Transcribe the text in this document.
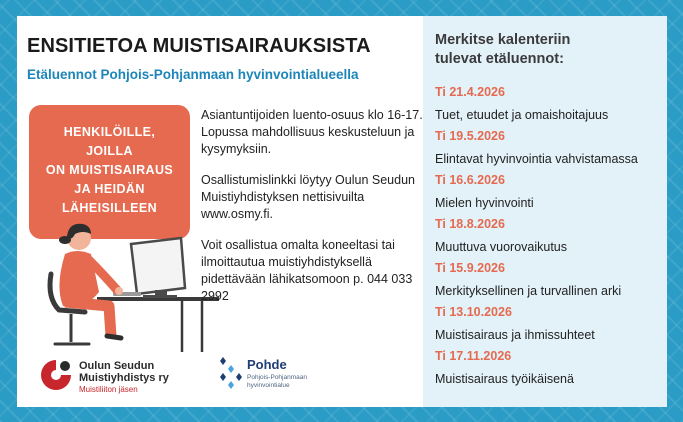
ENSITIETOA MUISTISAIRAUKSISTA
Etäluennot Pohjois-Pohjanmaan hyvinvointialueella

HENKILÖILLE, JOILLA
ON MUISTISAIRAUS
JA HEIDÄN
LÄHEISILLEEN

Asiantuntijoiden luento-osuus klo 16-17. Lopussa mahdollisuus keskusteluun ja kysymyksiin.

Osallistumislinkki löytyy Oulun Seudun Muistiyhdistyksen nettisivuilta www.osmy.fi.

Voit osallistua omalta koneeltasi tai ilmoittautua muistiyhdistyksellä pidettävään lähikatsomoon p. 044 033 2992

Oulun Seudun
Muistiyhdistys ry
Muistiliiton jäsen
Pohde
Pohjois-Pohjanmaan
hyvinvointialue
Merkitse kalenteriin
tulevat etäluennot:
Ti 21.4.2026
Tuet, etuudet ja omaishoitajuus
Ti 19.5.2026
Elintavat hyvinvointia vahvistamassa
Ti 16.6.2026
Mielen hyvinvointi
Ti 18.8.2026
Muuttuva vuorovaikutus
Ti 15.9.2026
Merkityksellinen ja turvallinen arki
Ti 13.10.2026
Muistisairaus ja ihmissuhteet
Ti 17.11.2026
Muistisairaus työikäisenä
